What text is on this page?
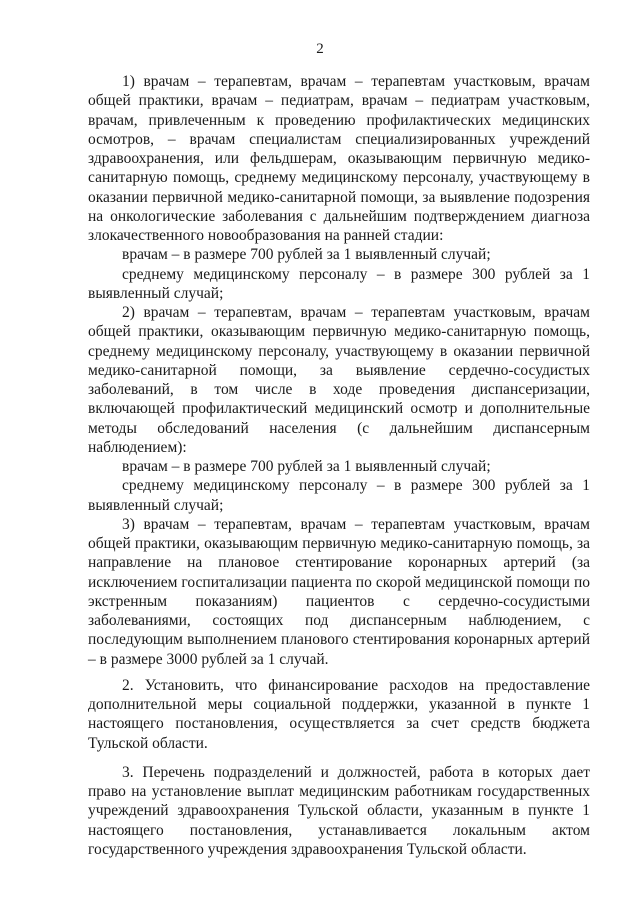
2

1) врачам – терапевтам, врачам – терапевтам участковым, врачам общей практики, врачам – педиатрам, врачам – педиатрам участковым, врачам, привлеченным к проведению профилактических медицинских осмотров, – врачам специалистам специализированных учреждений здравоохранения, или фельдшерам, оказывающим первичную медико-санитарную помощь, среднему медицинскому персоналу, участвующему в оказании первичной медико-санитарной помощи, за выявление подозрения на онкологические заболевания с дальнейшим подтверждением диагноза злокачественного новообразования на ранней стадии:

врачам – в размере 700 рублей за 1 выявленный случай;

среднему медицинскому персоналу – в размере 300 рублей за 1 выявленный случай;

2) врачам – терапевтам, врачам – терапевтам участковым, врачам общей практики, оказывающим первичную медико-санитарную помощь, среднему медицинскому персоналу, участвующему в оказании первичной медико-санитарной помощи, за выявление сердечно-сосудистых заболеваний, в том числе в ходе проведения диспансеризации, включающей профилактический медицинский осмотр и дополнительные методы обследований населения (с дальнейшим диспансерным наблюдением):

врачам – в размере 700 рублей за 1 выявленный случай;

среднему медицинскому персоналу – в размере 300 рублей за 1 выявленный случай;

3) врачам – терапевтам, врачам – терапевтам участковым, врачам общей практики, оказывающим первичную медико-санитарную помощь, за направление на плановое стентирование коронарных артерий (за исключением госпитализации пациента по скорой медицинской помощи по экстренным показаниям) пациентов с сердечно-сосудистыми заболеваниями, состоящих под диспансерным наблюдением, с последующим выполнением планового стентирования коронарных артерий – в размере 3000 рублей за 1 случай.

2. Установить, что финансирование расходов на предоставление дополнительной меры социальной поддержки, указанной в пункте 1 настоящего постановления, осуществляется за счет средств бюджета Тульской области.

3. Перечень подразделений и должностей, работа в которых дает право на установление выплат медицинским работникам государственных учреждений здравоохранения Тульской области, указанным в пункте 1 настоящего постановления, устанавливается локальным актом государственного учреждения здравоохранения Тульской области.
